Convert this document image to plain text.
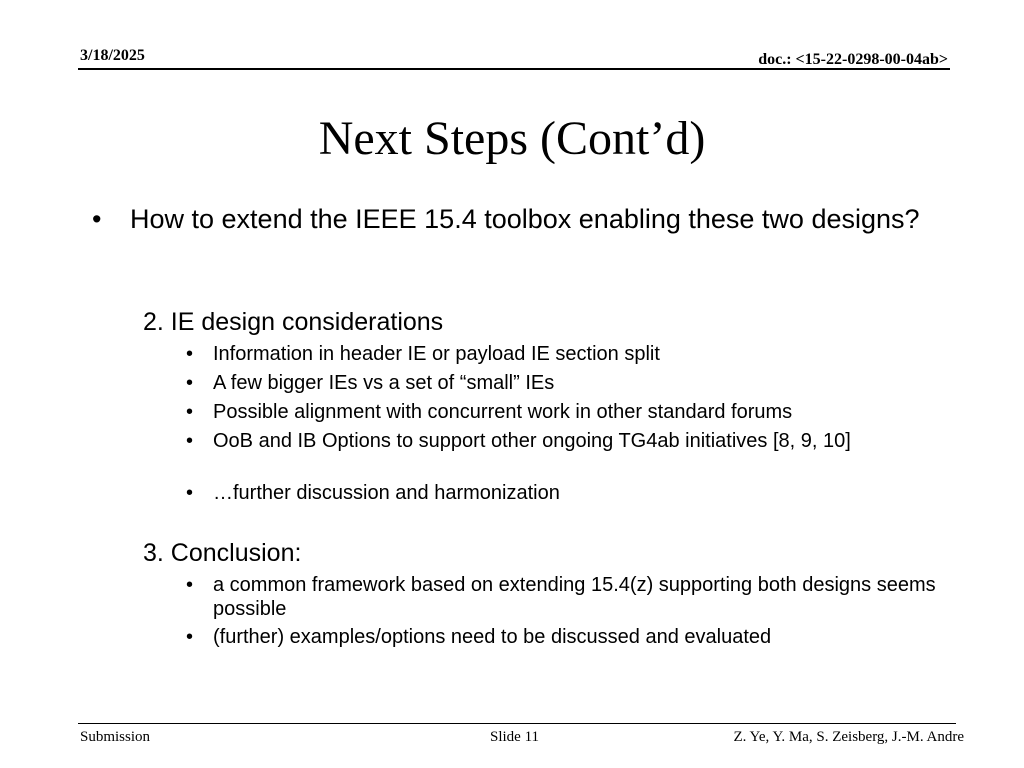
3/18/2025	doc.: <15-22-0298-00-04ab>
Next Steps (Cont’d)
• How to extend the IEEE 15.4 toolbox enabling these two designs?
2. IE design considerations
• Information in header IE or payload IE section split
• A few bigger IEs vs a set of “small” IEs
• Possible alignment with concurrent work in other standard forums
• OoB and IB Options to support other ongoing TG4ab initiatives [8, 9, 10]
• …further discussion and harmonization
3. Conclusion:
• a common framework based on extending 15.4(z) supporting both designs seems possible
• (further) examples/options need to be discussed and evaluated
Submission	Slide 11	Z. Ye, Y. Ma, S. Zeisberg, J.-M. Andre
